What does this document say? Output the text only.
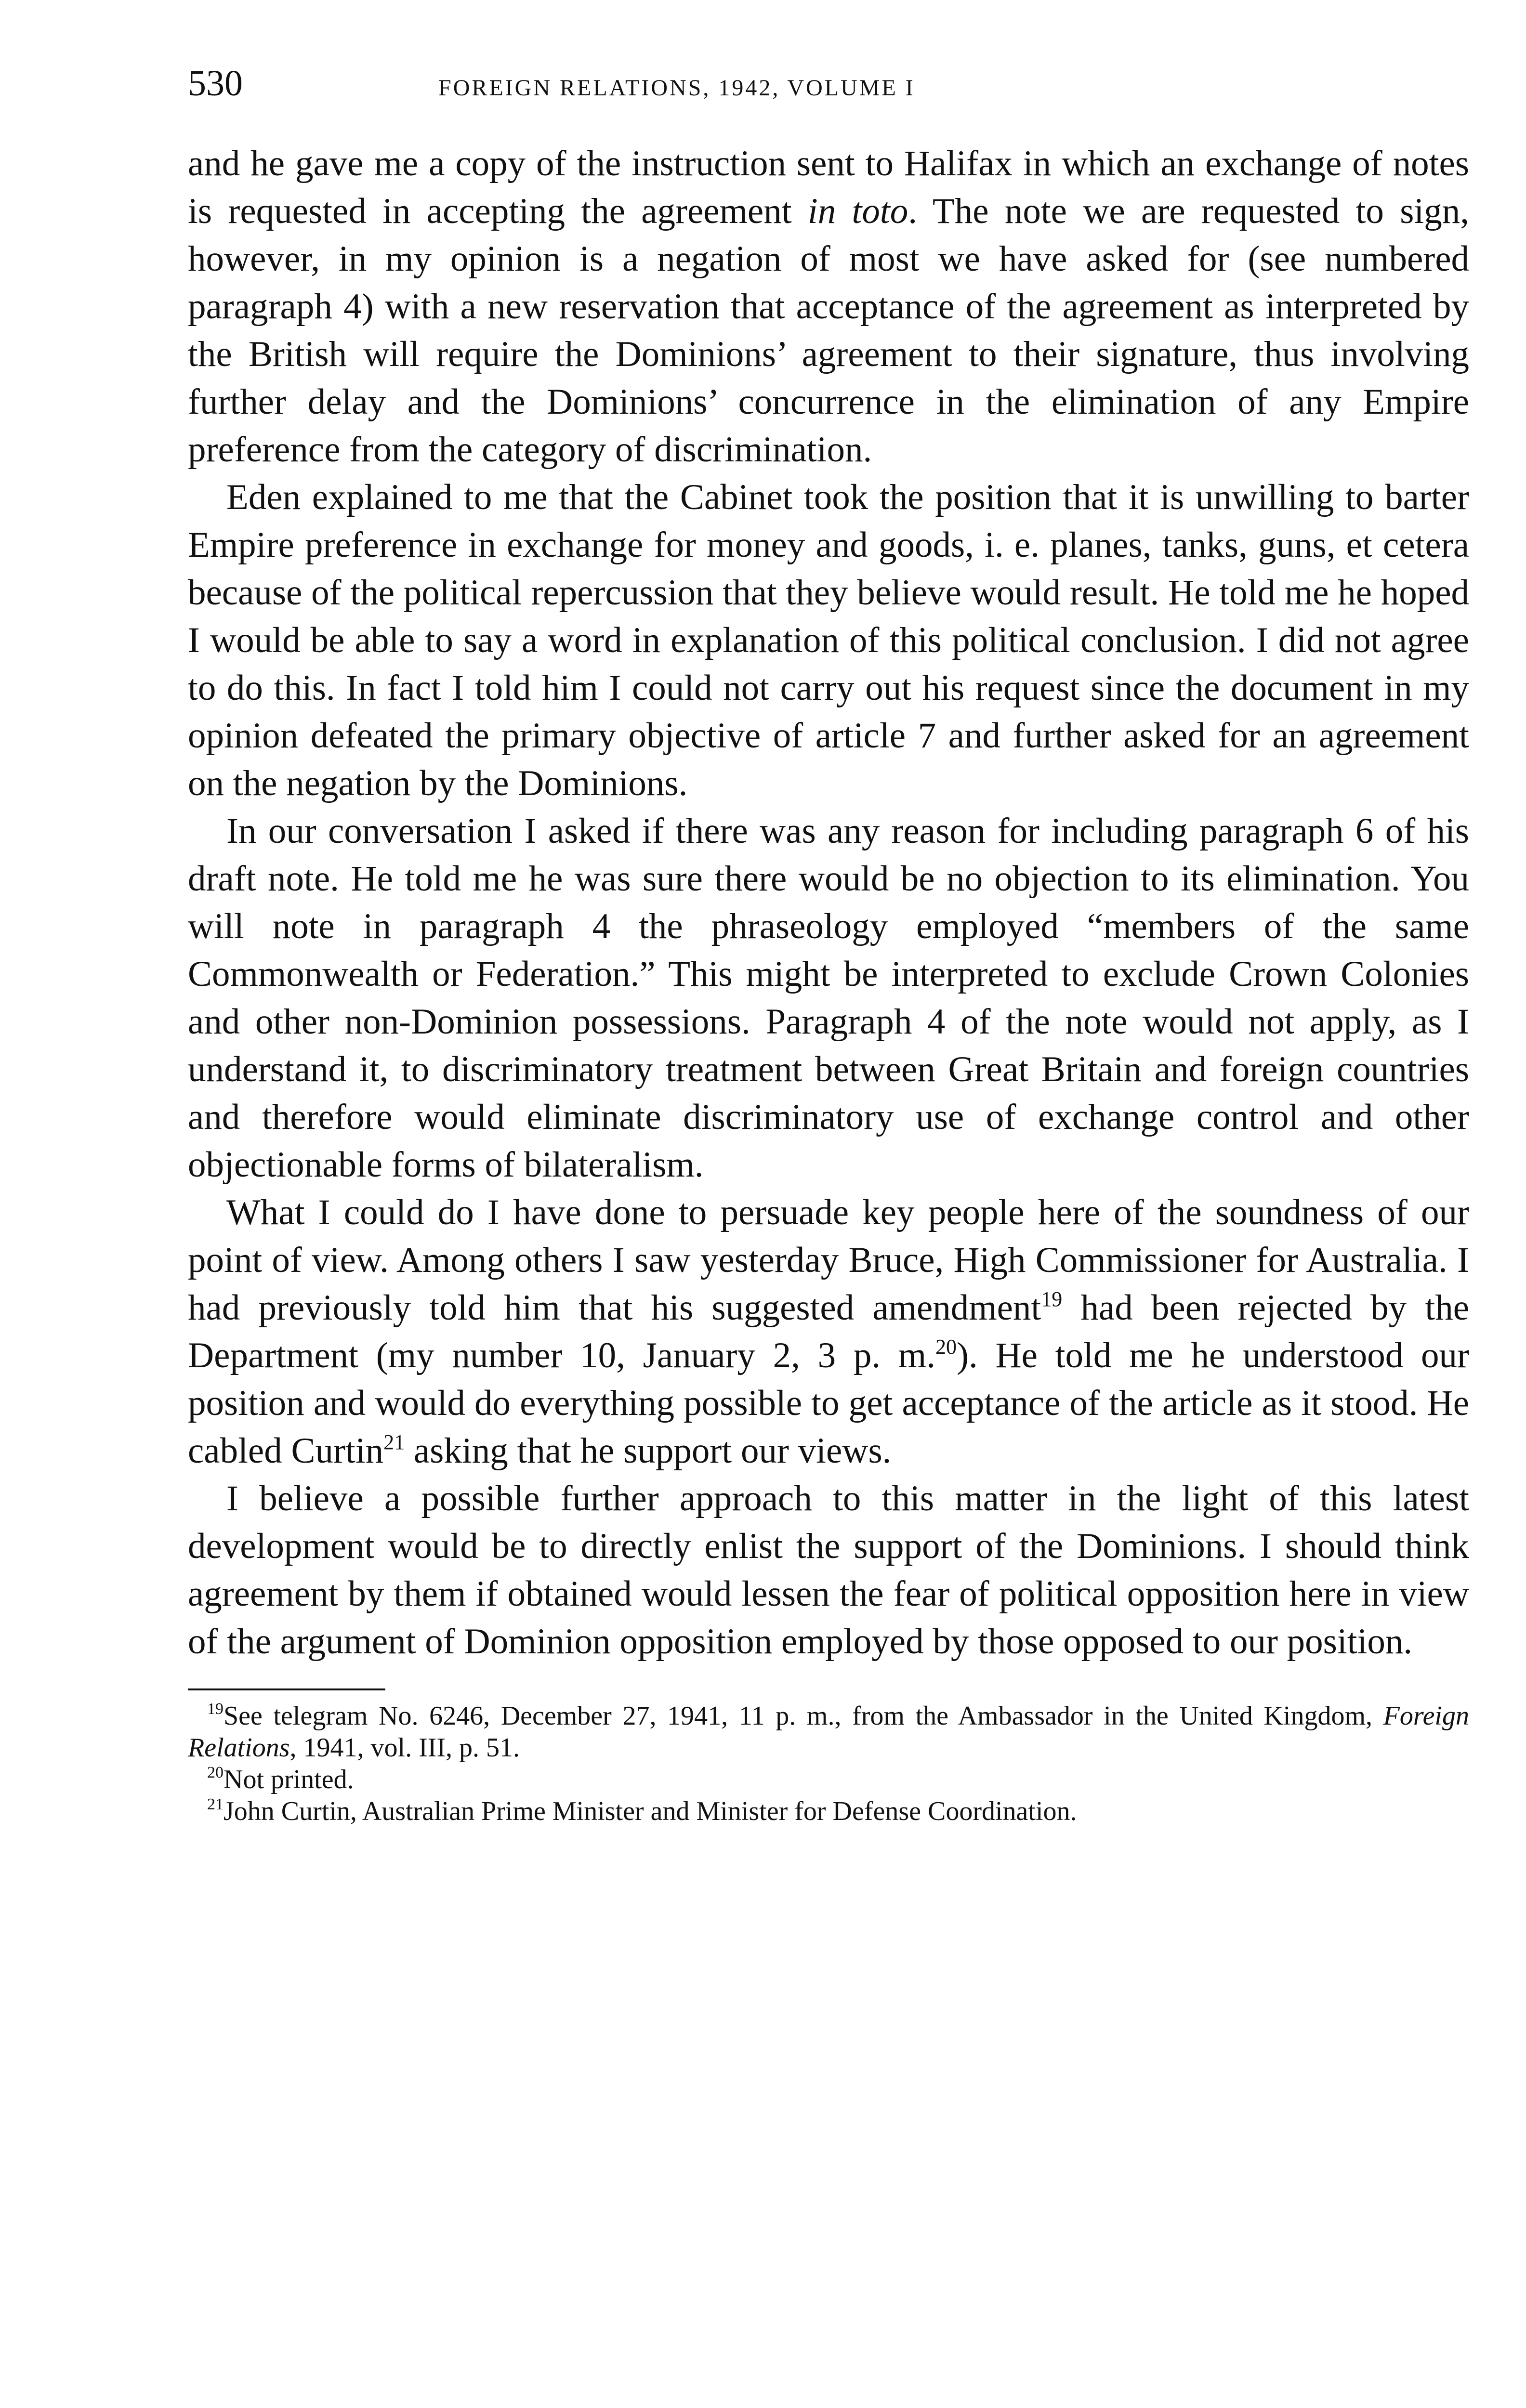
530	FOREIGN RELATIONS, 1942, VOLUME I

and he gave me a copy of the instruction sent to Halifax in which an exchange of notes is requested in accepting the agreement in toto. The note we are requested to sign, however, in my opinion is a negation of most we have asked for (see numbered paragraph 4) with a new reservation that acceptance of the agreement as interpreted by the British will require the Dominions’ agreement to their signature, thus involving further delay and the Dominions’ concurrence in the elimination of any Empire preference from the category of discrimination.

Eden explained to me that the Cabinet took the position that it is unwilling to barter Empire preference in exchange for money and goods, i. e. planes, tanks, guns, et cetera because of the political repercussion that they believe would result. He told me he hoped I would be able to say a word in explanation of this political conclusion. I did not agree to do this. In fact I told him I could not carry out his request since the document in my opinion defeated the primary objective of article 7 and further asked for an agreement on the negation by the Dominions.

In our conversation I asked if there was any reason for including paragraph 6 of his draft note. He told me he was sure there would be no objection to its elimination. You will note in paragraph 4 the phraseology employed “members of the same Commonwealth or Federation.” This might be interpreted to exclude Crown Colonies and other non-Dominion possessions. Paragraph 4 of the note would not apply, as I understand it, to discriminatory treatment between Great Britain and foreign countries and therefore would eliminate discriminatory use of exchange control and other objectionable forms of bilateralism.

What I could do I have done to persuade key people here of the soundness of our point of view. Among others I saw yesterday Bruce, High Commissioner for Australia. I had previously told him that his suggested amendment$^{19}$ had been rejected by the Department (my number 10, January 2, 3 p. m.$^{20}$). He told me he understood our position and would do everything possible to get acceptance of the article as it stood. He cabled Curtin$^{21}$ asking that he support our views.

I believe a possible further approach to this matter in the light of this latest development would be to directly enlist the support of the Dominions. I should think agreement by them if obtained would lessen the fear of political opposition here in view of the argument of Dominion opposition employed by those opposed to our position.

$^{19}$See telegram No. 6246, December 27, 1941, 11 p. m., from the Ambassador in the United Kingdom, Foreign Relations, 1941, vol. III, p. 51.

$^{20}$Not printed.

$^{21}$John Curtin, Australian Prime Minister and Minister for Defense Coordination.
